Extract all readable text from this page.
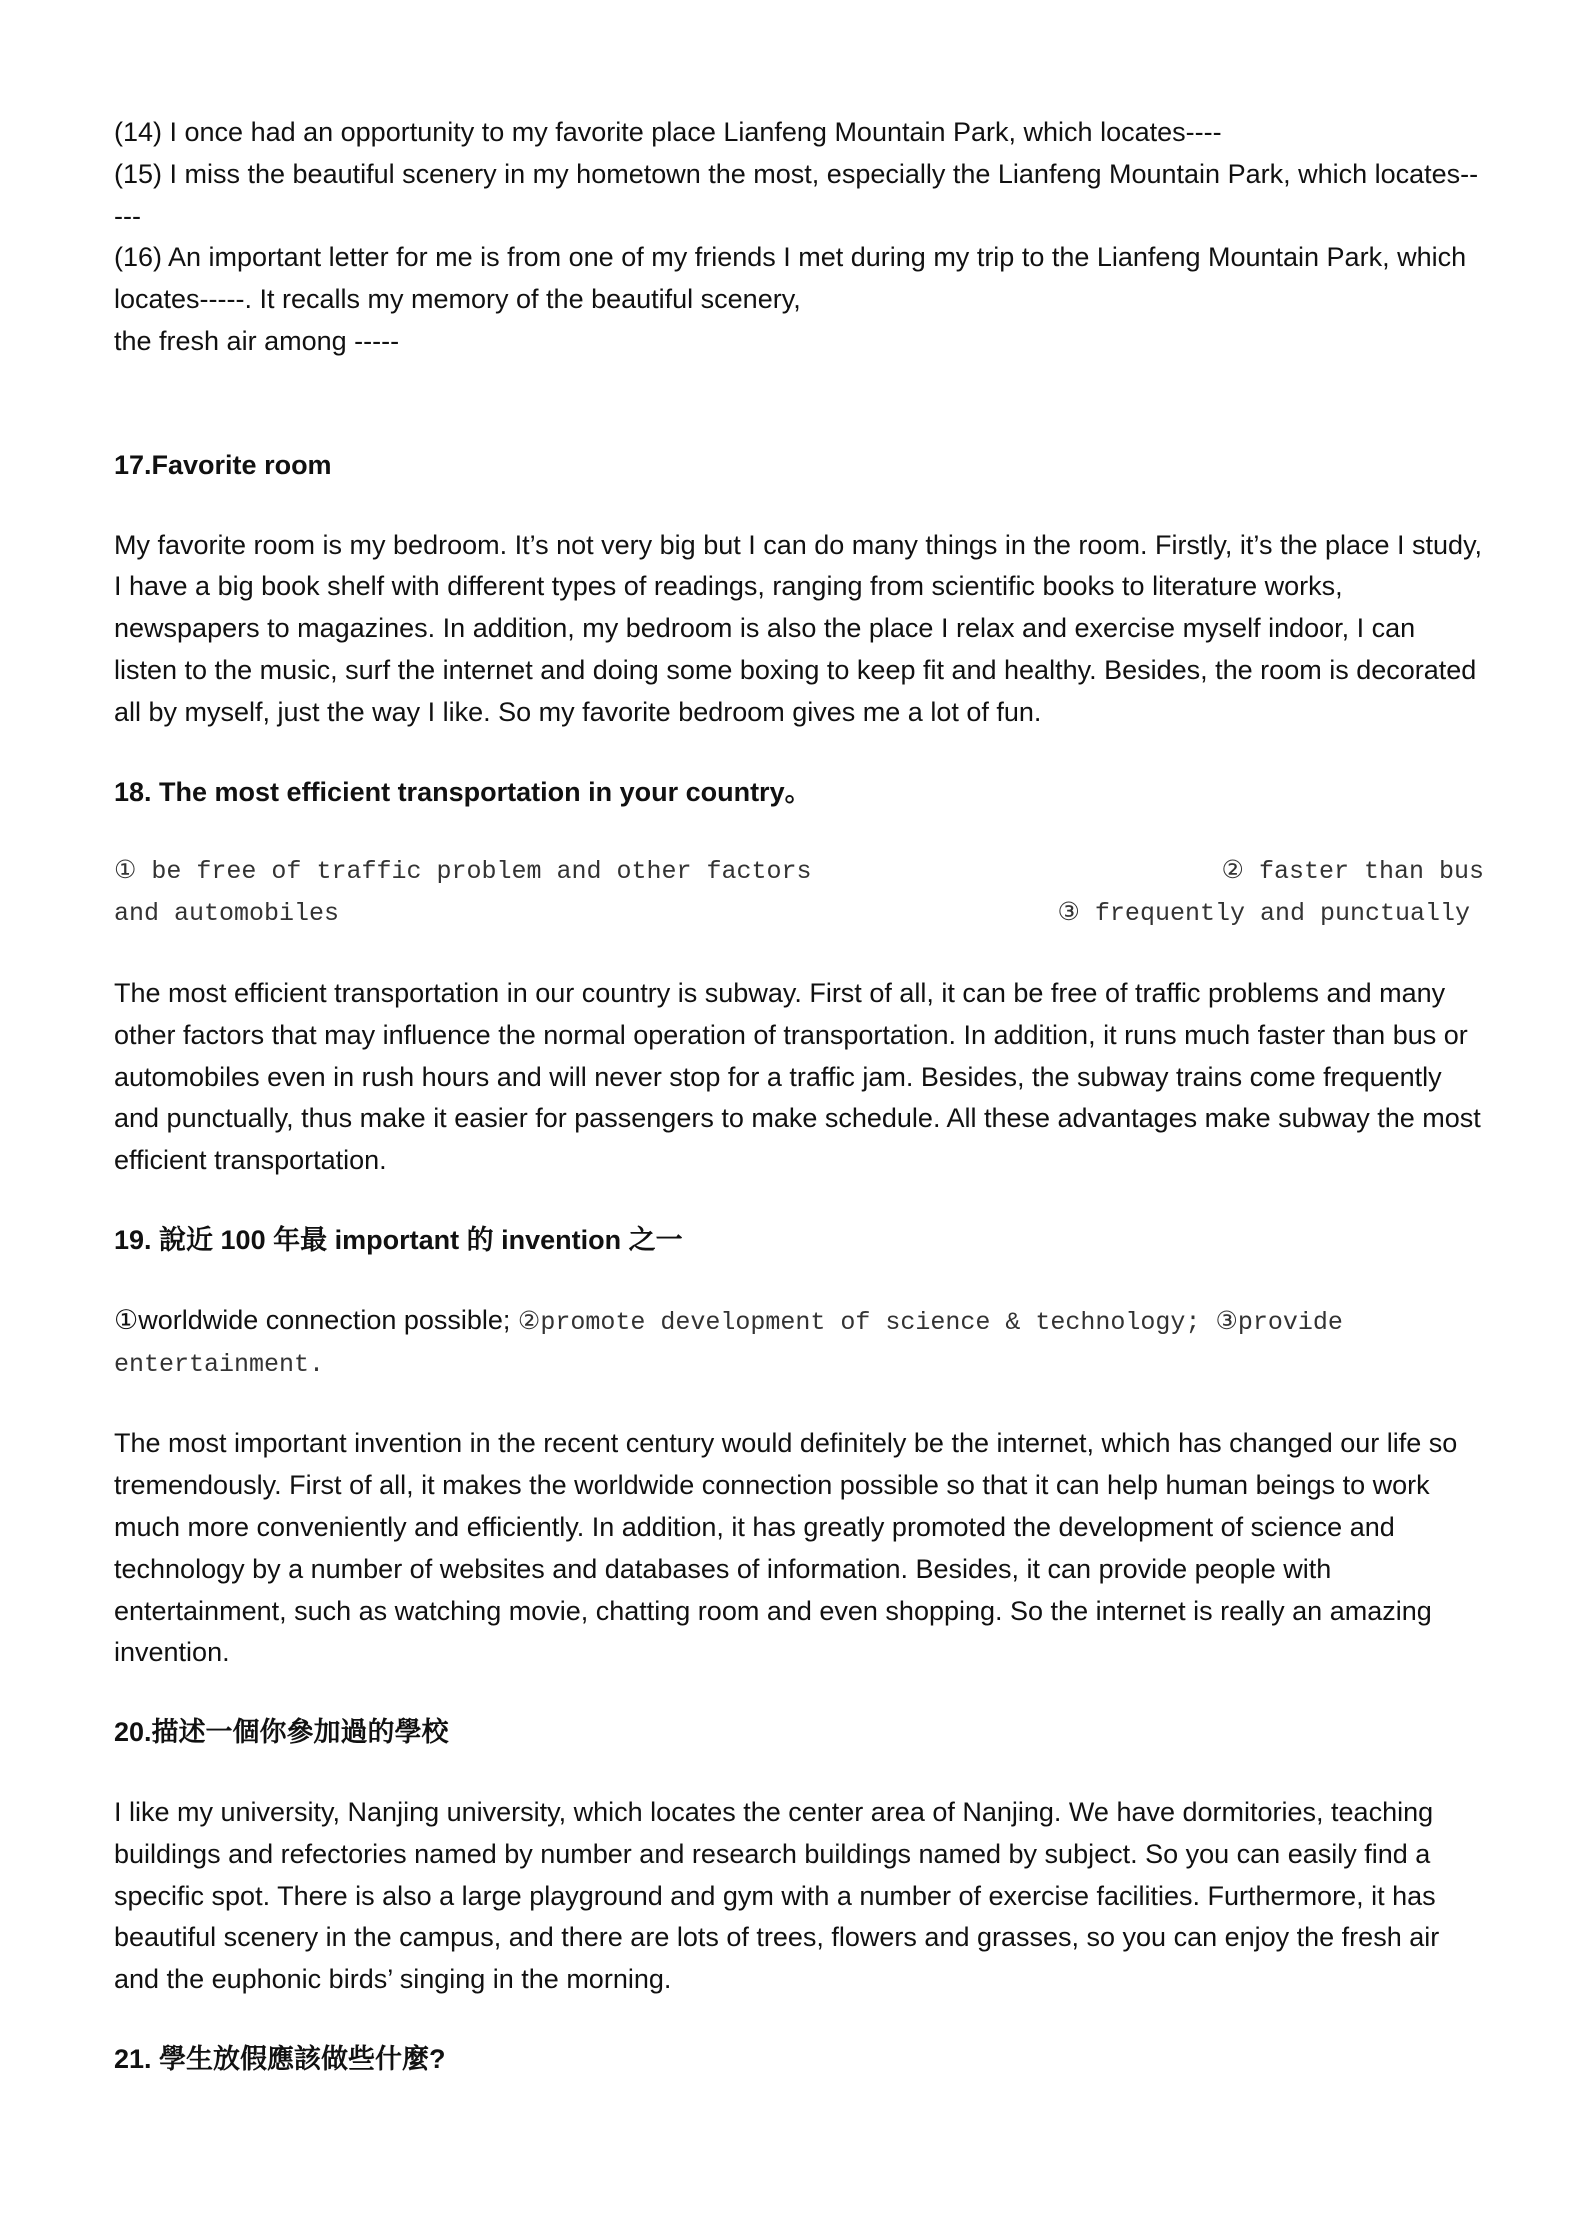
(14) I once had an opportunity to my favorite place Lianfeng Mountain Park, which locates----

(15) I miss the beautiful scenery in my hometown the most, especially the Lianfeng Mountain Park, which locates-----

(16) An important letter for me is from one of my friends I met during my trip to the Lianfeng Mountain Park, which locates-----. It recalls my memory of the beautiful scenery,

the fresh air among -----

17.Favorite room

My favorite room is my bedroom. It’s not very big but I can do many things in the room. Firstly, it’s the place I study, I have a big book shelf with different types of readings, ranging from scientific books to literature works, newspapers to magazines. In addition, my bedroom is also the place I relax and exercise myself indoor, I can listen to the music, surf the internet and doing some boxing to keep fit and healthy. Besides, the room is decorated all by myself, just the way I like. So my favorite bedroom gives me a lot of fun.

18. The most efficient transportation in your country。

① be free of traffic problem and other factors	② faster than bus
and automobiles	③ frequently and punctually

The most efficient transportation in our country is subway. First of all, it can be free of traffic problems and many other factors that may influence the normal operation of transportation. In addition, it runs much faster than bus or automobiles even in rush hours and will never stop for a traffic jam. Besides, the subway trains come frequently and punctually, thus make it easier for passengers to make schedule. All these advantages make subway the most efficient transportation.

19. 說近 100 年最 important 的 invention 之一

①worldwide connection possible; ②promote development of science & technology; ③provide entertainment.

The most important invention in the recent century would definitely be the internet, which has changed our life so tremendously. First of all, it makes the worldwide connection possible so that it can help human beings to work much more conveniently and efficiently. In addition, it has greatly promoted the development of science and technology by a number of websites and databases of information. Besides, it can provide people with entertainment, such as watching movie, chatting room and even shopping. So the internet is really an amazing invention.

20.描述一個你參加過的學校

I like my university, Nanjing university, which locates the center area of Nanjing. We have dormitories, teaching buildings and refectories named by number and research buildings named by subject. So you can easily find a specific spot. There is also a large playground and gym with a number of exercise facilities. Furthermore, it has beautiful scenery in the campus, and there are lots of trees, flowers and grasses, so you can enjoy the fresh air and the euphonic birds’ singing in the morning.

21. 學生放假應該做些什麼?
